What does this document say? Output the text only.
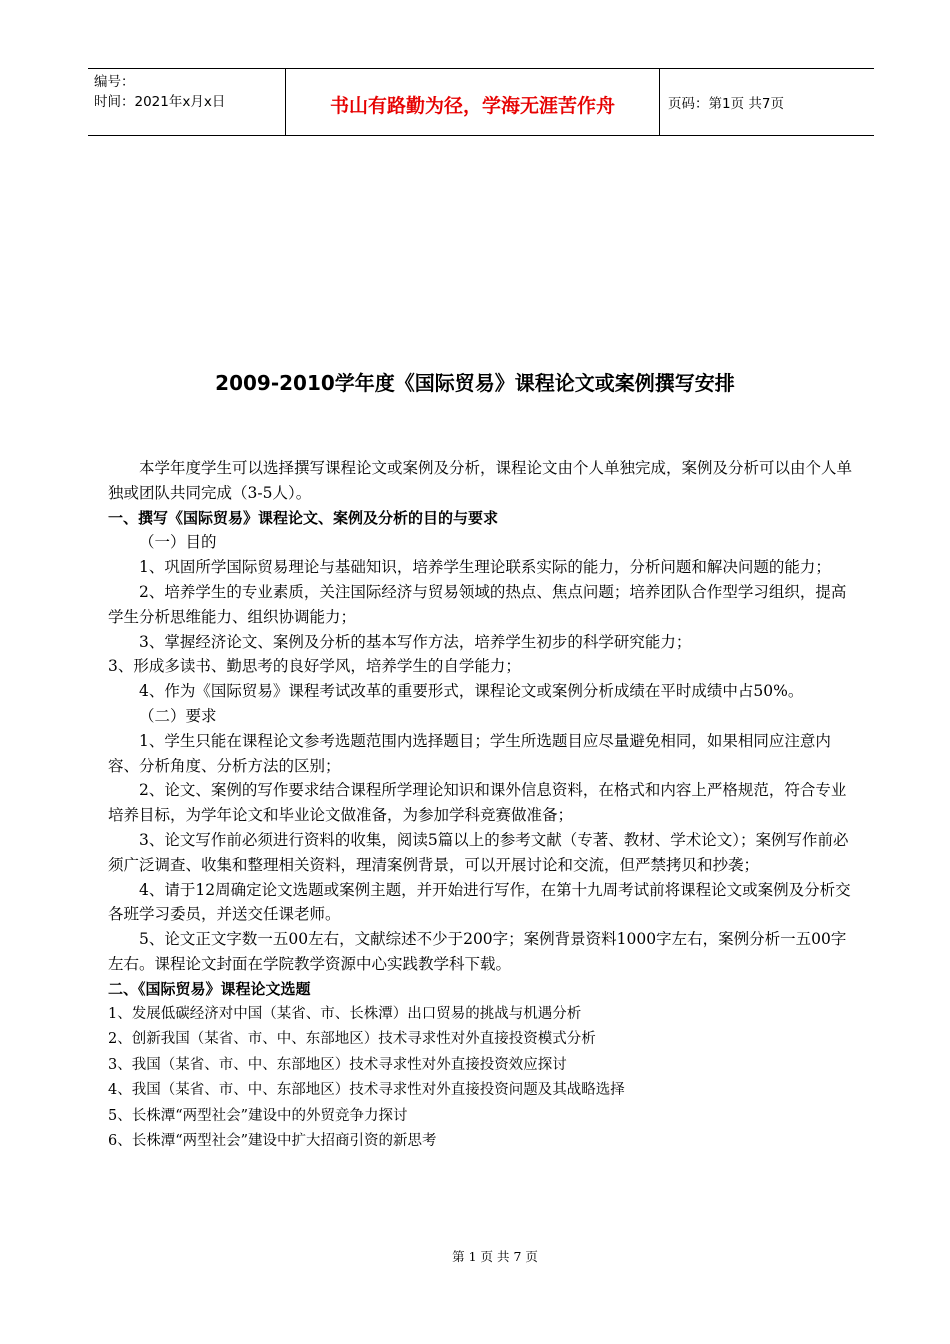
编号：
时间：2021年x月x日	书山有路勤为径，学海无涯苦作舟	页码：第1页 共7页
2009-2010学年度《国际贸易》课程论文或案例撰写安排

本学年度学生可以选择撰写课程论文或案例及分析，课程论文由个人单独完成，案例及分析可以由个人单独或团队共同完成（3-5人）。

一、撰写《国际贸易》课程论文、案例及分析的目的与要求

（一）目的

1、巩固所学国际贸易理论与基础知识，培养学生理论联系实际的能力，分析问题和解决问题的能力；

2、培养学生的专业素质，关注国际经济与贸易领域的热点、焦点问题；培养团队合作型学习组织，提高学生分析思维能力、组织协调能力；

3、掌握经济论文、案例及分析的基本写作方法，培养学生初步的科学研究能力；

3、形成多读书、勤思考的良好学风，培养学生的自学能力；

4、作为《国际贸易》课程考试改革的重要形式，课程论文或案例分析成绩在平时成绩中占50%。

（二）要求

1、学生只能在课程论文参考选题范围内选择题目；学生所选题目应尽量避免相同，如果相同应注意内容、分析角度、分析方法的区别；

2、论文、案例的写作要求结合课程所学理论知识和课外信息资料，在格式和内容上严格规范，符合专业培养目标，为学年论文和毕业论文做准备，为参加学科竞赛做准备；

3、论文写作前必须进行资料的收集，阅读5篇以上的参考文献（专著、教材、学术论文）；案例写作前必须广泛调查、收集和整理相关资料，理清案例背景，可以开展讨论和交流，但严禁拷贝和抄袭；

4、请于12周确定论文选题或案例主题，并开始进行写作，在第十九周考试前将课程论文或案例及分析交各班学习委员，并送交任课老师。

5、论文正文字数一五00左右，文献综述不少于200字；案例背景资料1000字左右，案例分析一五00字左右。课程论文封面在学院教学资源中心实践教学科下载。

二、《国际贸易》课程论文选题

1、发展低碳经济对中国（某省、市、长株潭）出口贸易的挑战与机遇分析

2、创新我国（某省、市、中、东部地区）技术寻求性对外直接投资模式分析

3、我国（某省、市、中、东部地区）技术寻求性对外直接投资效应探讨

4、我国（某省、市、中、东部地区）技术寻求性对外直接投资问题及其战略选择

5、长株潭“两型社会”建设中的外贸竞争力探讨

6、长株潭“两型社会”建设中扩大招商引资的新思考

第 1 页 共 7 页
